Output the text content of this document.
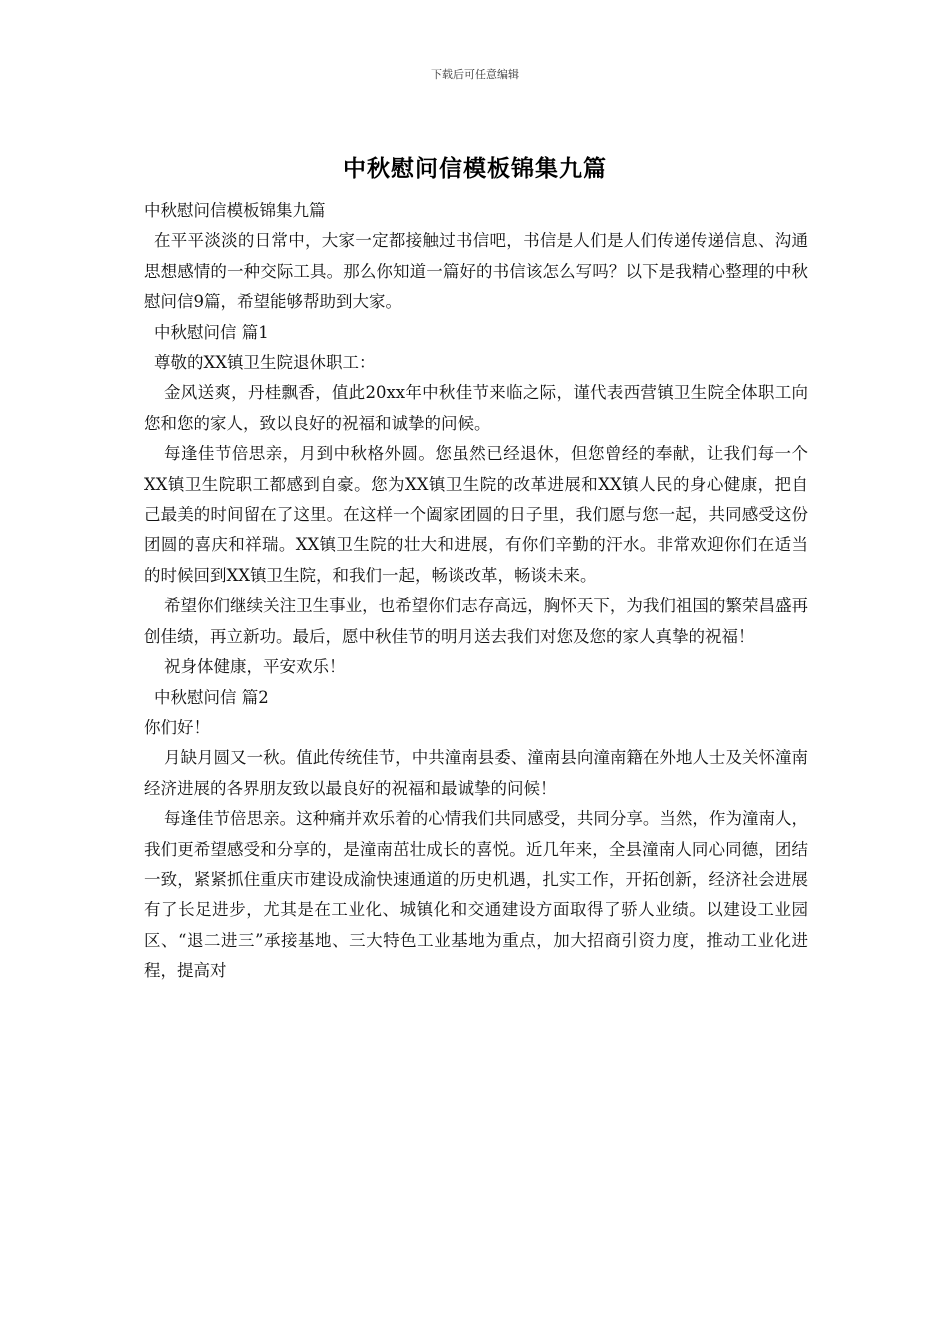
下载后可任意编辑
中秋慰问信模板锦集九篇

中秋慰问信模板锦集九篇

在平平淡淡的日常中，大家一定都接触过书信吧，书信是人们是人们传递传递信息、沟通思想感情的一种交际工具。那么你知道一篇好的书信该怎么写吗？以下是我精心整理的中秋慰问信9篇，希望能够帮助到大家。

中秋慰问信 篇1

尊敬的XX镇卫生院退休职工：

金风送爽，丹桂飘香，值此20xx年中秋佳节来临之际，谨代表西营镇卫生院全体职工向您和您的家人，致以良好的祝福和诚挚的问候。

每逢佳节倍思亲，月到中秋格外圆。您虽然已经退休，但您曾经的奉献，让我们每一个XX镇卫生院职工都感到自豪。您为XX镇卫生院的改革进展和XX镇人民的身心健康，把自己最美的时间留在了这里。在这样一个阖家团圆的日子里，我们愿与您一起，共同感受这份团圆的喜庆和祥瑞。XX镇卫生院的壮大和进展，有你们辛勤的汗水。非常欢迎你们在适当的时候回到XX镇卫生院，和我们一起，畅谈改革，畅谈未来。

希望你们继续关注卫生事业，也希望你们志存高远，胸怀天下，为我们祖国的繁荣昌盛再创佳绩，再立新功。最后，愿中秋佳节的明月送去我们对您及您的家人真挚的祝福！

祝身体健康，平安欢乐！

中秋慰问信 篇2

你们好！

月缺月圆又一秋。值此传统佳节，中共潼南县委、潼南县向潼南籍在外地人士及关怀潼南经济进展的各界朋友致以最良好的祝福和最诚挚的问候！

每逢佳节倍思亲。这种痛并欢乐着的心情我们共同感受，共同分享。当然，作为潼南人，我们更希望感受和分享的，是潼南茁壮成长的喜悦。近几年来，全县潼南人同心同德，团结一致，紧紧抓住重庆市建设成渝快速通道的历史机遇，扎实工作，开拓创新，经济社会进展有了长足进步，尤其是在工业化、城镇化和交通建设方面取得了骄人业绩。以建设工业园区、“退二进三”承接基地、三大特色工业基地为重点，加大招商引资力度，推动工业化进程，提高对
